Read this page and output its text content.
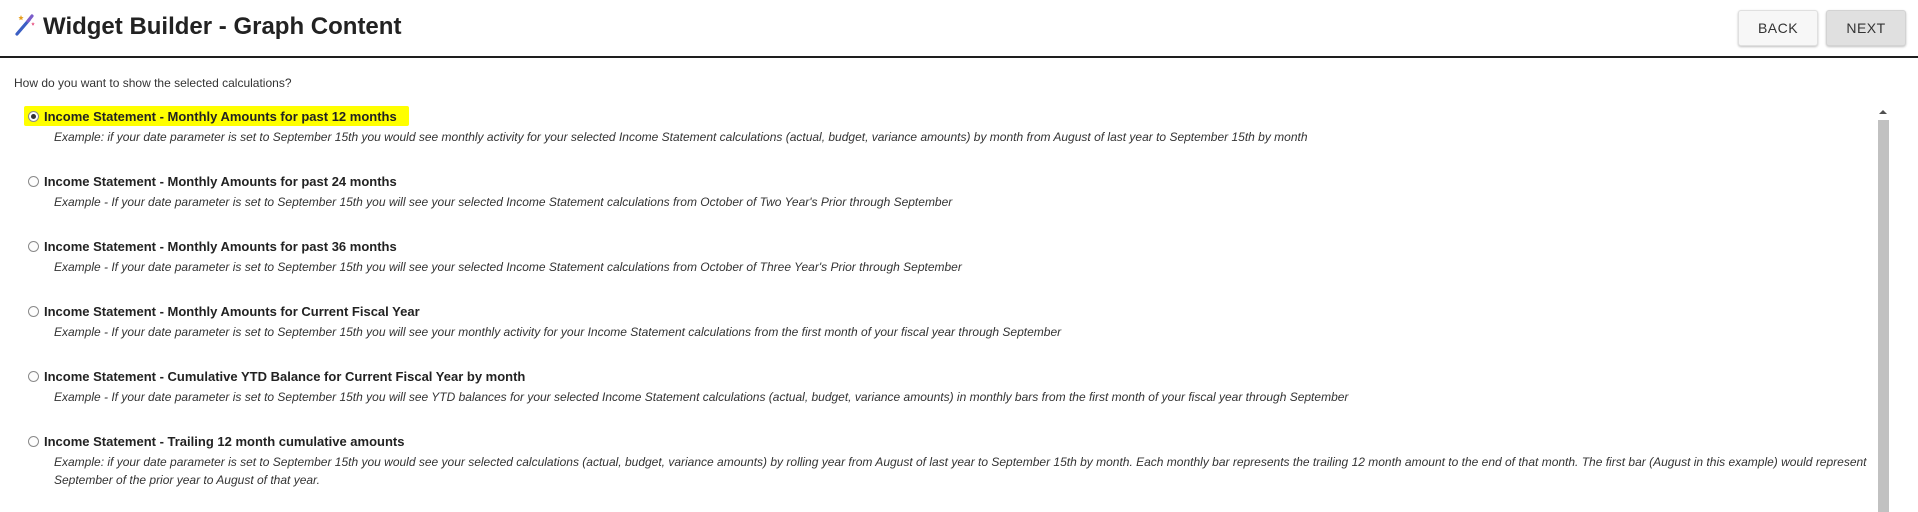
Widget Builder - Graph Content	BACK	NEXT
How do you want to show the selected calculations?
Income Statement - Monthly Amounts for past 12 months
Example: if your date parameter is set to September 15th you would see monthly activity for your selected Income Statement calculations (actual, budget, variance amounts) by month from August of last year to September 15th by month
Income Statement - Monthly Amounts for past 24 months
Example - If your date parameter is set to September 15th you will see your selected Income Statement calculations from October of Two Year's Prior through September
Income Statement - Monthly Amounts for past 36 months
Example - If your date parameter is set to September 15th you will see your selected Income Statement calculations from October of Three Year's Prior through September
Income Statement - Monthly Amounts for Current Fiscal Year
Example - If your date parameter is set to September 15th you will see your monthly activity for your Income Statement calculations from the first month of your fiscal year through September
Income Statement - Cumulative YTD Balance for Current Fiscal Year by month
Example - If your date parameter is set to September 15th you will see YTD balances for your selected Income Statement calculations (actual, budget, variance amounts) in monthly bars from the first month of your fiscal year through September
Income Statement - Trailing 12 month cumulative amounts
Example: if your date parameter is set to September 15th you would see your selected calculations (actual, budget, variance amounts) by rolling year from August of last year to September 15th by month. Each monthly bar represents the trailing 12 month amount to the end of that month. The first bar (August in this example) would represent September of the prior year to August of that year.
